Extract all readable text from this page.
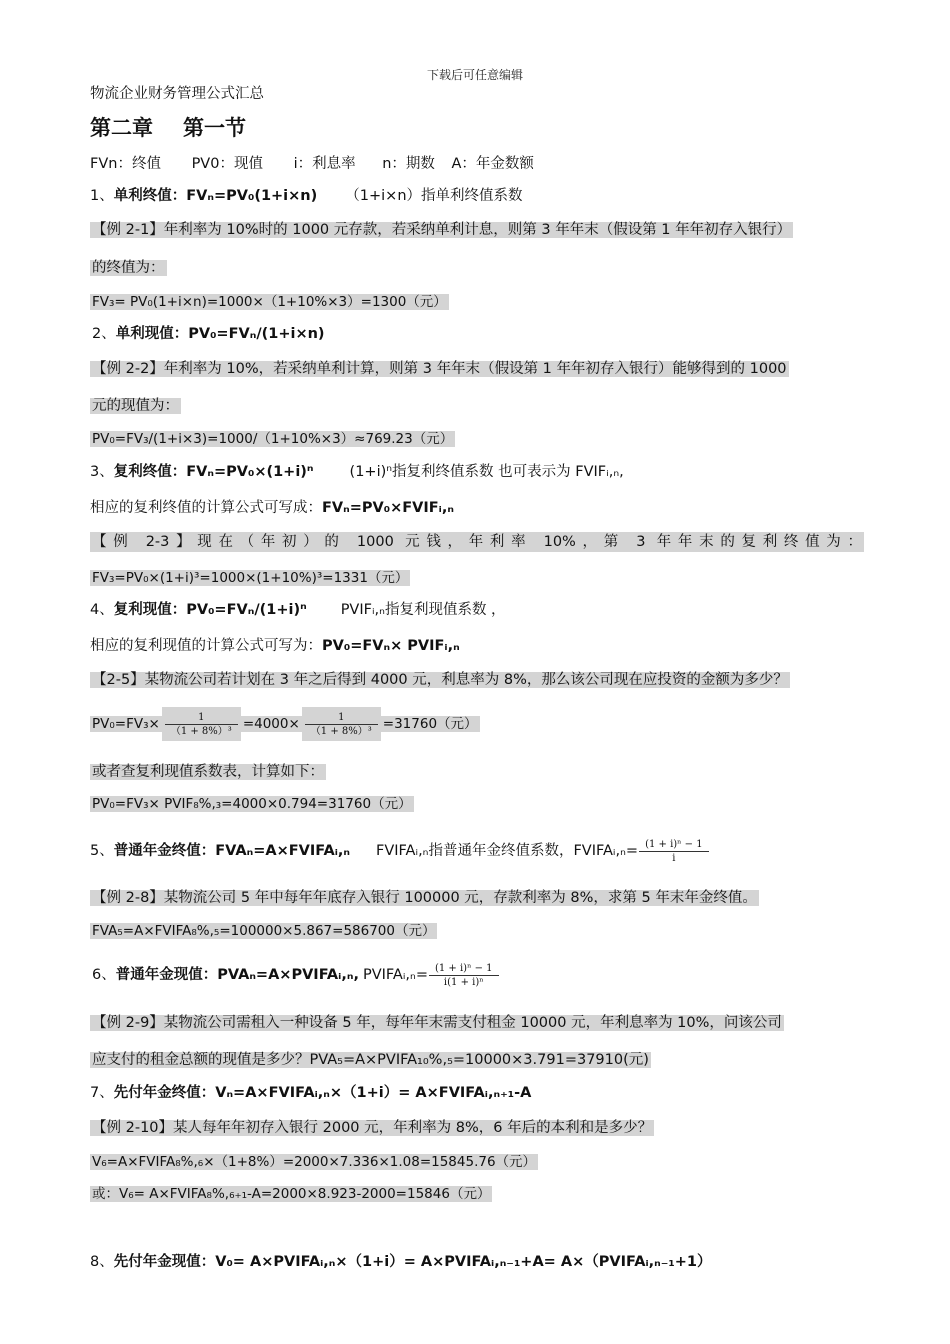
下载后可任意编辑
物流企业财务管理公式汇总
第二章 第一节
FVn：终值 PV0：现值 i：利息率 n：期数 A：年金数额
1、单利终值：FVₙ=PV₀(1+i×n) （1+i×n）指单利终值系数
【例 2-1】年利率为 10%时的 1000 元存款，若采纳单利计息，则第 3 年年末（假设第 1 年年初存入银行）
的终值为：
FV₃= PV₀(1+i×n)=1000×（1+10%×3）=1300（元）
2、单利现值：PV₀=FVₙ/(1+i×n)
【例 2-2】年利率为 10%，若采纳单利计算，则第 3 年年末（假设第 1 年年初存入银行）能够得到的 1000
元的现值为：
PV₀=FV₃/(1+i×3)=1000/（1+10%×3）≈769.23（元）
3、复利终值：FVₙ=PV₀×(1+i)ⁿ (1+i)ⁿ指复利终值系数 也可表示为 FVIFᵢ,ₙ,
相应的复利终值的计算公式可写成：FVₙ=PV₀×FVIFᵢ,ₙ
【例 2-3】现在（年初）的 1000 元钱，年利率 10%，第 3 年年末的复利终值为：
FV₃=PV₀×(1+i)³=1000×(1+10%)³=1331（元）
4、复利现值：PV₀=FVₙ/(1+i)ⁿ PVIFᵢ,ₙ指复利现值系数 ，
相应的复利现值的计算公式可写为：PV₀=FVₙ× PVIFᵢ,ₙ
【2-5】某物流公司若计划在 3 年之后得到 4000 元，利息率为 8%，那么该公司现在应投资的金额为多少？
$PV_0=FV_3\times \frac{1}{\text{（1 + 8\%）³}} =4000\times \frac{1}{\text{（1 + 8\%）³}} =31760$（元）
或者查复利现值系数表，计算如下：
PV₀=FV₃× PVIF₈%,₃=4000×0.794=31760（元）
5、普通年金终值：FVAₙ=A×FVIFAᵢ,ₙ FVIFAᵢ,ₙ指普通年金终值系数，FVIFAᵢ,ₙ= $\frac{\text{(1 + i)ⁿ − 1}}{i}$
【例 2-8】某物流公司 5 年中每年年底存入银行 100000 元，存款利率为 8%，求第 5 年末年金终值。
FVA₅=A×FVIFA₈%,₅=100000×5.867=586700（元）
6、普通年金现值：PVAₙ=A×PVIFAᵢ,ₙ, PVIFAᵢ,ₙ= $\frac{\text{(1 + i)ⁿ − 1}}{\text{i(1 + i)ⁿ}}$
【例 2-9】某物流公司需租入一种设备 5 年，每年年末需支付租金 10000 元，年利息率为 10%，问该公司
应支付的租金总额的现值是多少？PVA₅=A×PVIFA₁₀%,₅=10000×3.791=37910(元)
7、先付年金终值：Vₙ=A×FVIFAᵢ,ₙ×（1+i）= A×FVIFAᵢ,ₙ₊₁-A
【例 2-10】某人每年年初存入银行 2000 元，年利率为 8%，6 年后的本利和是多少？
V₆=A×FVIFA₈%,₆×（1+8%）=2000×7.336×1.08=15845.76（元）
或：V₆= A×FVIFA₈%,₆₊₁-A=2000×8.923-2000=15846（元）
8、先付年金现值：V₀= A×PVIFAᵢ,ₙ×（1+i）= A×PVIFAᵢ,ₙ₋₁+A= A×（PVIFAᵢ,ₙ₋₁+1）
